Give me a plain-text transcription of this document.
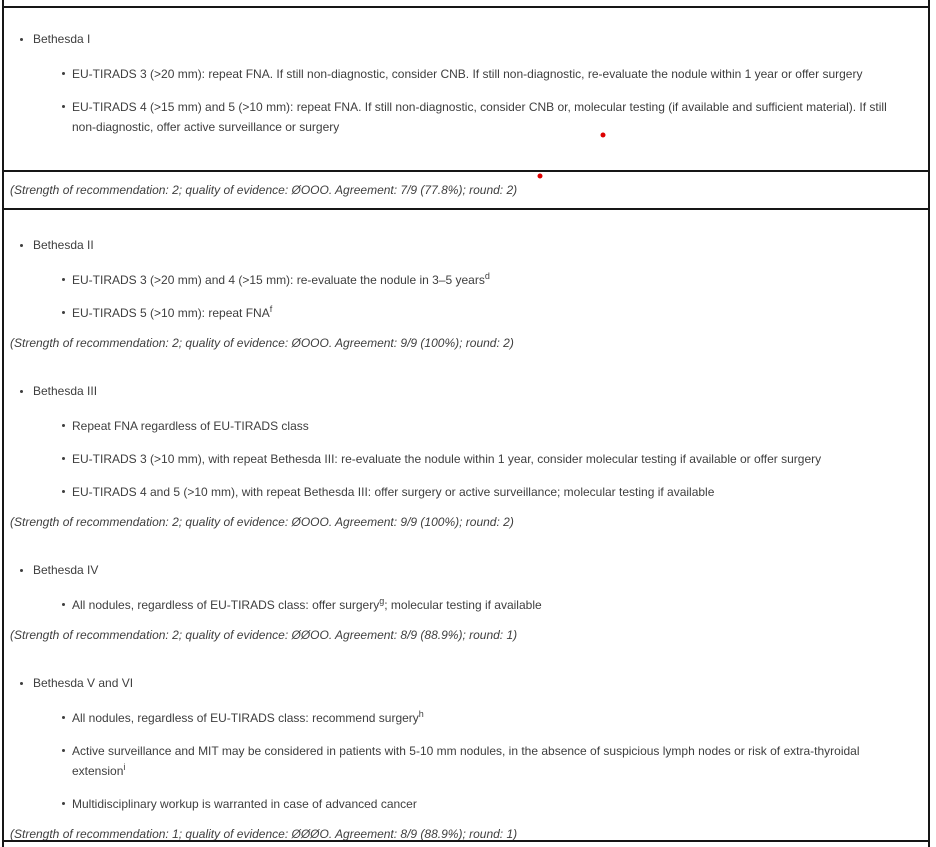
Bethesda I
EU-TIRADS 3 (>20 mm): repeat FNA. If still non-diagnostic, consider CNB. If still non-diagnostic, re-evaluate the nodule within 1 year or offer surgery
EU-TIRADS 4 (>15 mm) and 5 (>10 mm): repeat FNA. If still non-diagnostic, consider CNB or, molecular testing (if available and sufficient material). If still non-diagnostic, offer active surveillance or surgery

(Strength of recommendation: 2; quality of evidence: ØOOO. Agreement: 7/9 (77.8%); round: 2)

Bethesda II
EU-TIRADS 3 (>20 mm) and 4 (>15 mm): re-evaluate the nodule in 3–5 years$^d$
EU-TIRADS 5 (>10 mm): repeat FNA$^f$

(Strength of recommendation: 2; quality of evidence: ØOOO. Agreement: 9/9 (100%); round: 2)

Bethesda III
Repeat FNA regardless of EU-TIRADS class
EU-TIRADS 3 (>10 mm), with repeat Bethesda III: re-evaluate the nodule within 1 year, consider molecular testing if available or offer surgery
EU-TIRADS 4 and 5 (>10 mm), with repeat Bethesda III: offer surgery or active surveillance; molecular testing if available

(Strength of recommendation: 2; quality of evidence: ØOOO. Agreement: 9/9 (100%); round: 2)

Bethesda IV
All nodules, regardless of EU-TIRADS class: offer surgery$^g$; molecular testing if available

(Strength of recommendation: 2; quality of evidence: ØØOO. Agreement: 8/9 (88.9%); round: 1)

Bethesda V and VI
All nodules, regardless of EU-TIRADS class: recommend surgery$^h$
Active surveillance and MIT may be considered in patients with 5-10 mm nodules, in the absence of suspicious lymph nodes or risk of extra-thyroidal extension$^i$
Multidisciplinary workup is warranted in case of advanced cancer

(Strength of recommendation: 1; quality of evidence: ØØØO. Agreement: 8/9 (88.9%); round: 1)
